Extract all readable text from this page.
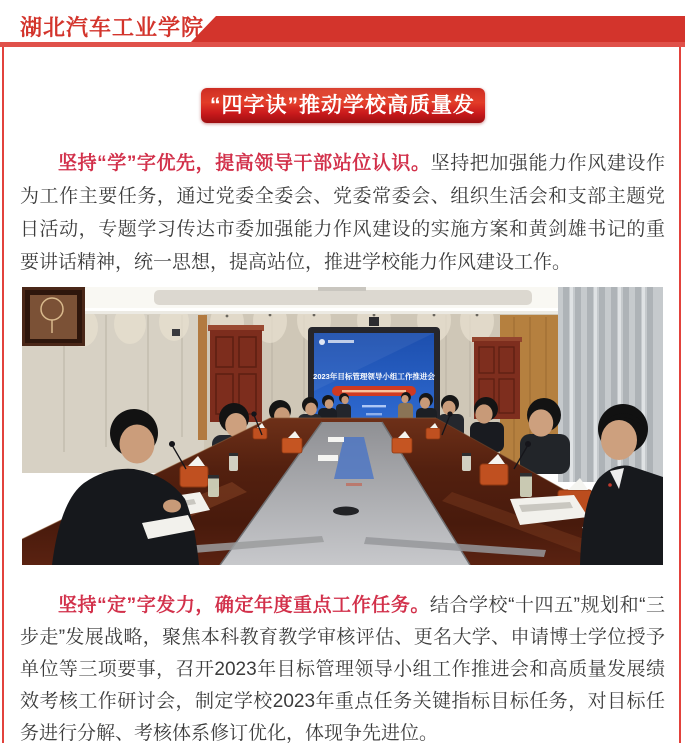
湖北汽车工业学院
“四字诀”推动学校高质量发展

坚持“学”字优先，提高领导干部站位认识。坚持把加强能力作风建设作为工作主要任务，通过党委全委会、党委常委会、组织生活会和支部主题党日活动，专题学习传达市委加强能力作风建设的实施方案和黄剑雄书记的重要讲话精神，统一思想，提高站位，推进学校能力作风建设工作。

2023年目标管理领导小组工作推进会

坚持“定”字发力，确定年度重点工作任务。结合学校“十四五”规划和“三步走”发展战略，聚焦本科教育教学审核评估、更名大学、申请博士学位授予单位等三项要事，召开2023年目标管理领导小组工作推进会和高质量发展绩效考核工作研讨会，制定学校2023年重点任务关键指标目标任务，对目标任务进行分解、考核体系修订优化，体现争先进位。
